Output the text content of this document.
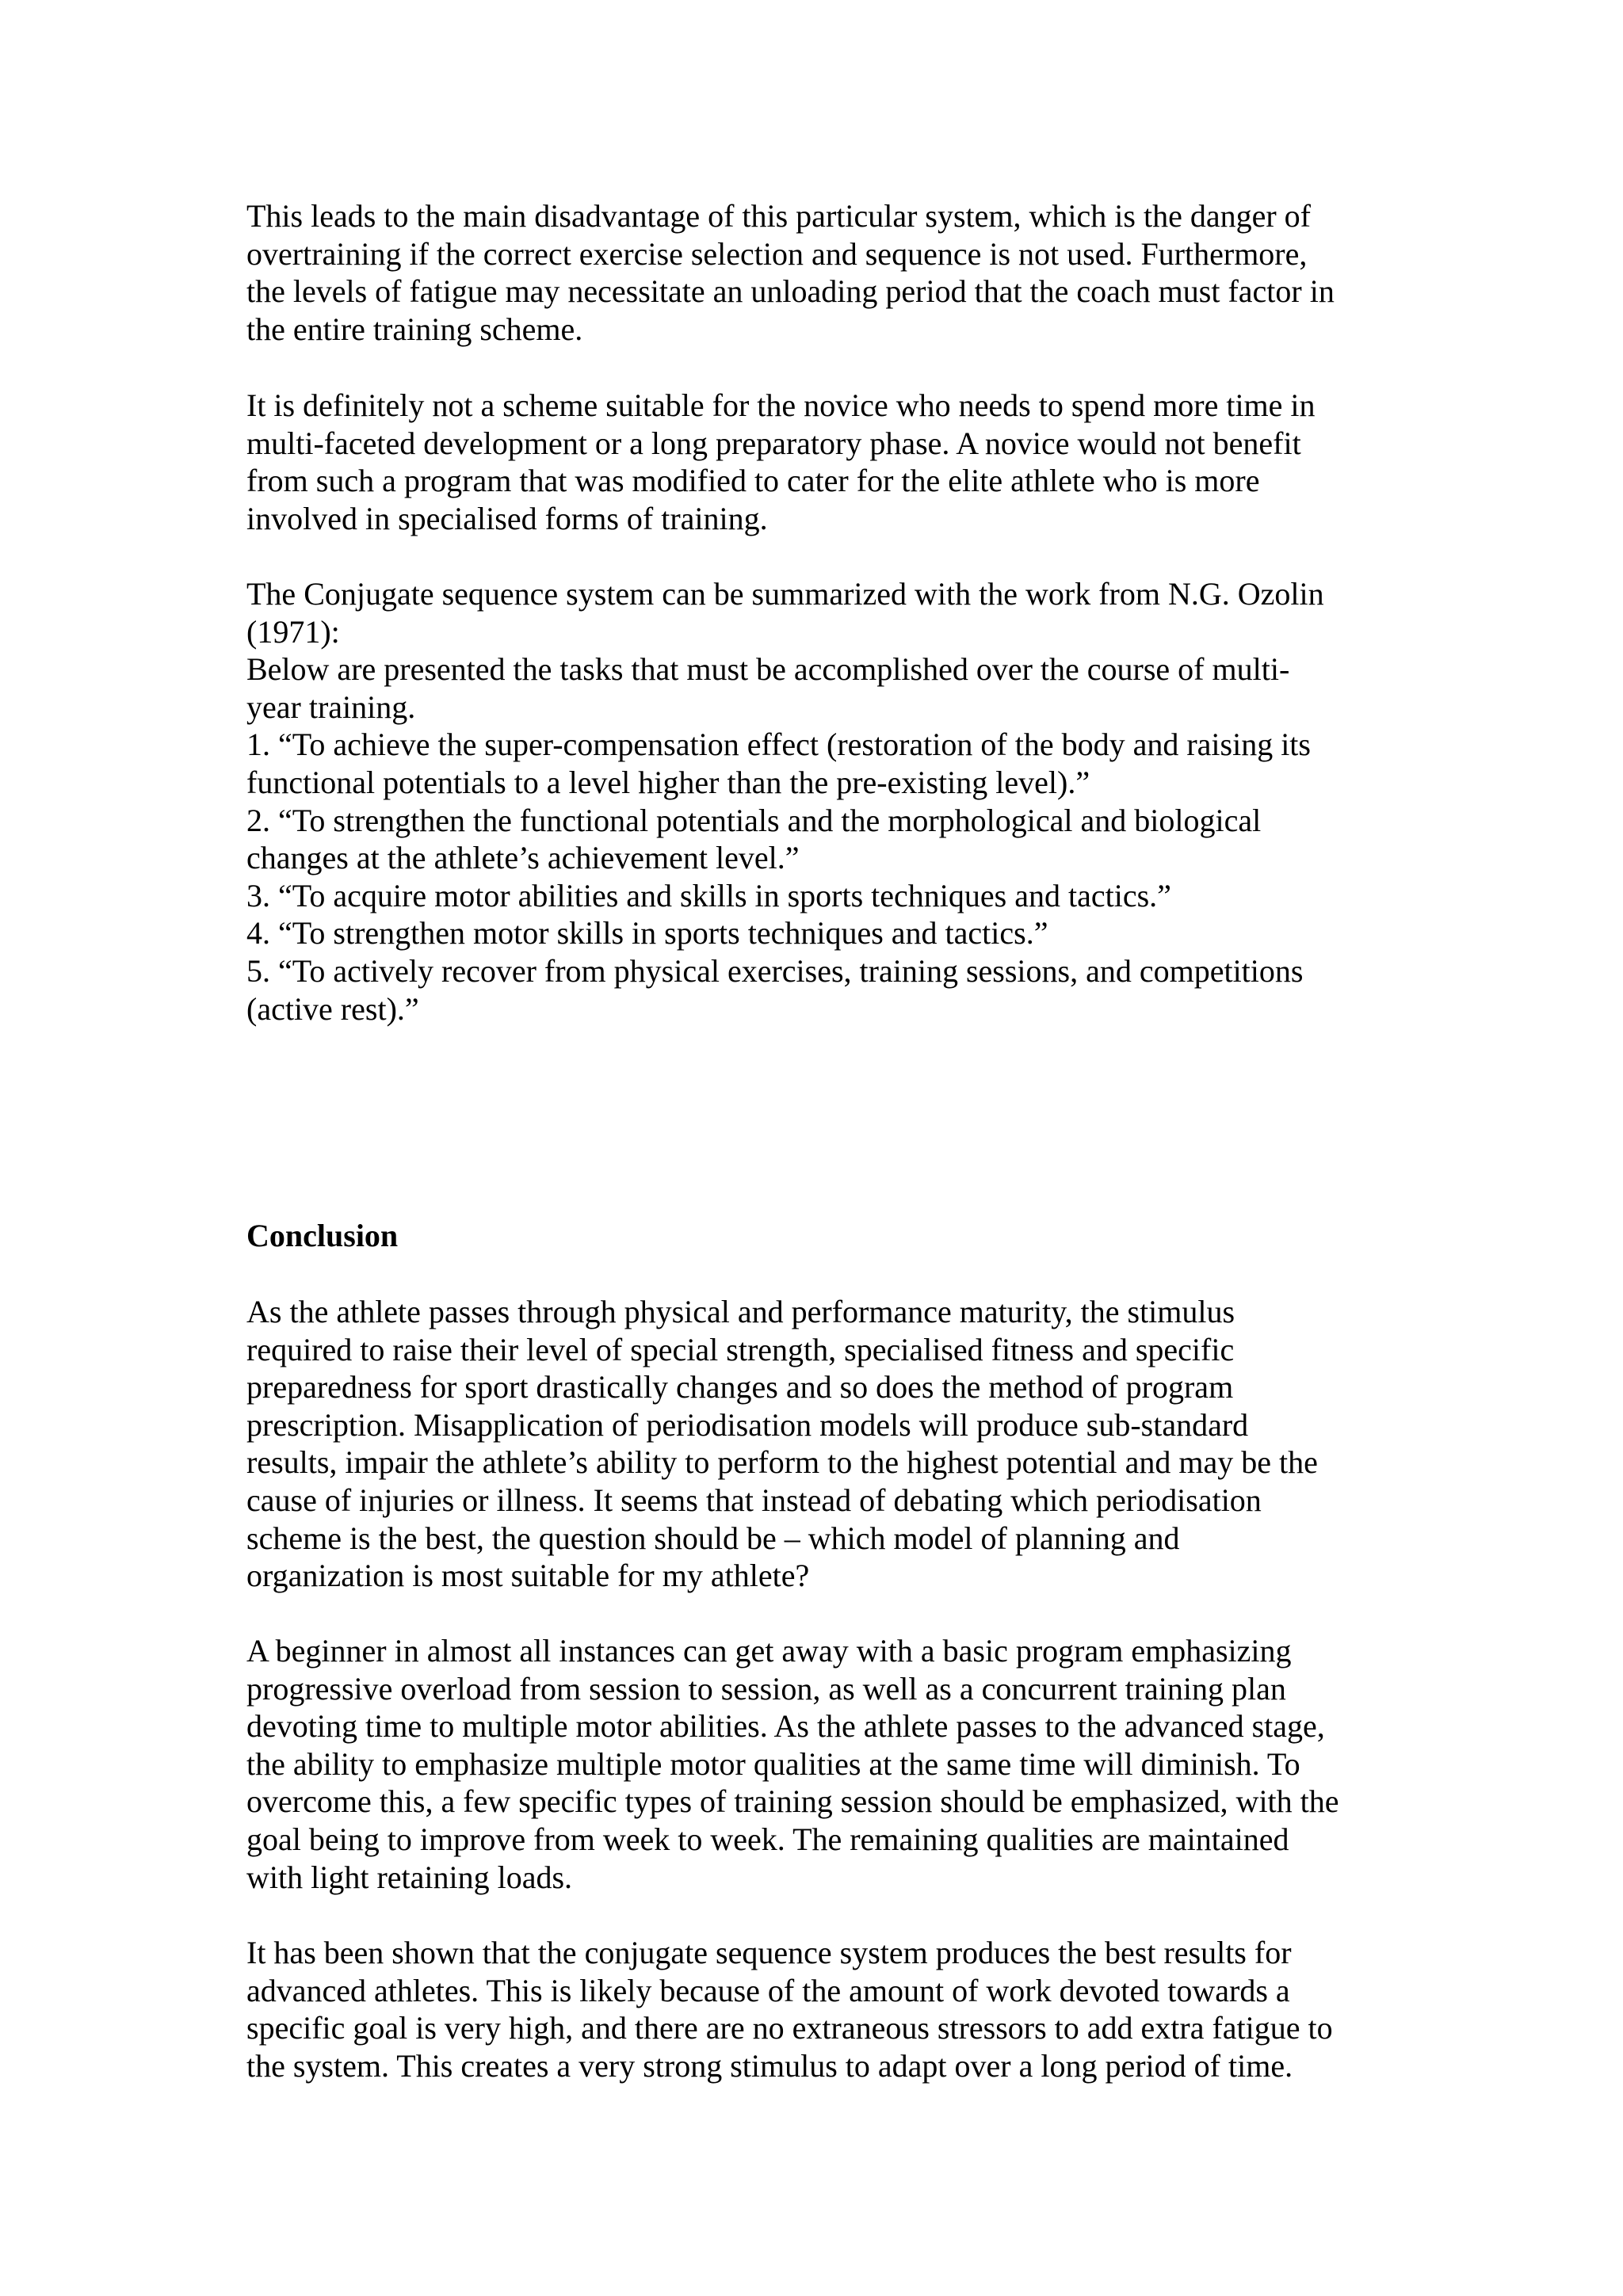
This leads to the main disadvantage of this particular system, which is the danger of
overtraining if the correct exercise selection and sequence is not used. Furthermore,
the levels of fatigue may necessitate an unloading period that the coach must factor in
the entire training scheme.

It is definitely not a scheme suitable for the novice who needs to spend more time in
multi-faceted development or a long preparatory phase. A novice would not benefit
from such a program that was modified to cater for the elite athlete who is more
involved in specialised forms of training.

The Conjugate sequence system can be summarized with the work from N.G. Ozolin
(1971):
Below are presented the tasks that must be accomplished over the course of multi-
year training.
1. “To achieve the super-compensation effect (restoration of the body and raising its
functional potentials to a level higher than the pre-existing level).”
2. “To strengthen the functional potentials and the morphological and biological
changes at the athlete’s achievement level.”
3. “To acquire motor abilities and skills in sports techniques and tactics.”
4. “To strengthen motor skills in sports techniques and tactics.”
5. “To actively recover from physical exercises, training sessions, and competitions
(active rest).”

Conclusion

As the athlete passes through physical and performance maturity, the stimulus
required to raise their level of special strength, specialised fitness and specific
preparedness for sport drastically changes and so does the method of program
prescription. Misapplication of periodisation models will produce sub-standard
results, impair the athlete’s ability to perform to the highest potential and may be the
cause of injuries or illness. It seems that instead of debating which periodisation
scheme is the best, the question should be – which model of planning and
organization is most suitable for my athlete?

A beginner in almost all instances can get away with a basic program emphasizing
progressive overload from session to session, as well as a concurrent training plan
devoting time to multiple motor abilities. As the athlete passes to the advanced stage,
the ability to emphasize multiple motor qualities at the same time will diminish. To
overcome this, a few specific types of training session should be emphasized, with the
goal being to improve from week to week. The remaining qualities are maintained
with light retaining loads.

It has been shown that the conjugate sequence system produces the best results for
advanced athletes. This is likely because of the amount of work devoted towards a
specific goal is very high, and there are no extraneous stressors to add extra fatigue to
the system. This creates a very strong stimulus to adapt over a long period of time.
